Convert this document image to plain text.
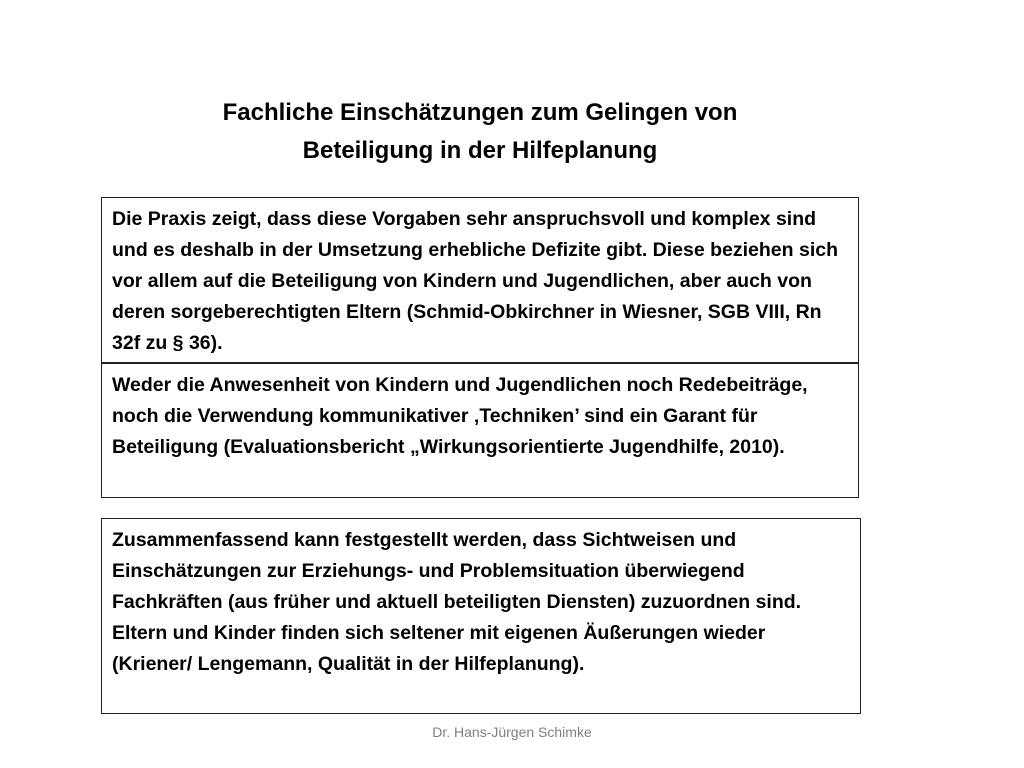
Fachliche Einschätzungen zum Gelingen von
Beteiligung in der Hilfeplanung
Die Praxis zeigt, dass diese Vorgaben sehr anspruchsvoll und komplex sind und es deshalb in der Umsetzung erhebliche Defizite gibt. Diese beziehen sich vor allem auf die Beteiligung von Kindern und Jugendlichen, aber auch von deren sorgeberechtigten Eltern (Schmid-Obkirchner in Wiesner, SGB VIII, Rn 32f zu § 36).
Weder die Anwesenheit von Kindern und Jugendlichen noch Redebeiträge, noch die Verwendung kommunikativer ‚Techniken’ sind ein Garant für Beteiligung (Evaluationsbericht „Wirkungsorientierte Jugendhilfe, 2010).
Zusammenfassend kann festgestellt werden, dass Sichtweisen und Einschätzungen zur Erziehungs- und Problemsituation überwiegend Fachkräften (aus früher und aktuell beteiligten Diensten) zuzuordnen sind.
Eltern und Kinder finden sich seltener mit eigenen Äußerungen wieder (Kriener/ Lengemann, Qualität in der Hilfeplanung).
Dr. Hans-Jürgen Schimke
